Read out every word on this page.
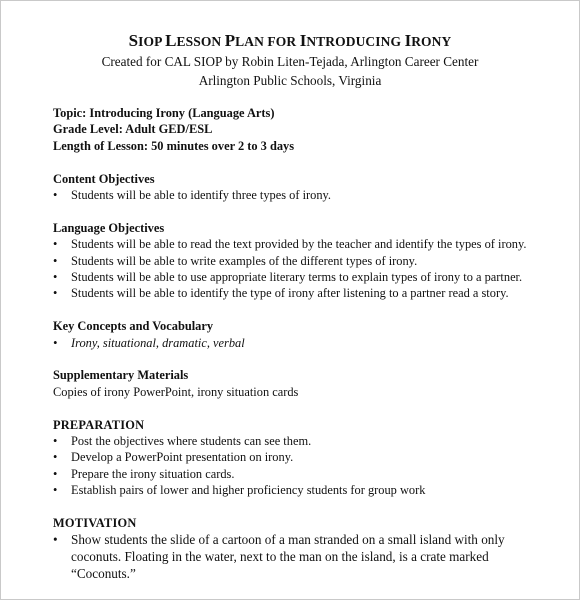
SIOP LESSON PLAN FOR INTRODUCING IRONY
Created for CAL SIOP by Robin Liten-Tejada, Arlington Career Center
Arlington Public Schools, Virginia
Topic: Introducing Irony (Language Arts)
Grade Level: Adult GED/ESL
Length of Lesson: 50 minutes over 2 to 3 days
Content Objectives
• Students will be able to identify three types of irony.
Language Objectives
• Students will be able to read the text provided by the teacher and identify the types of irony.
• Students will be able to write examples of the different types of irony.
• Students will be able to use appropriate literary terms to explain types of irony to a partner.
• Students will be able to identify the type of irony after listening to a partner read a story.
Key Concepts and Vocabulary
• Irony, situational, dramatic, verbal
Supplementary Materials
Copies of irony PowerPoint, irony situation cards
PREPARATION
• Post the objectives where students can see them.
• Develop a PowerPoint presentation on irony.
• Prepare the irony situation cards.
• Establish pairs of lower and higher proficiency students for group work
MOTIVATION
• Show students the slide of a cartoon of a man stranded on a small island with only coconuts. Floating in the water, next to the man on the island, is a crate marked “Coconuts.”
